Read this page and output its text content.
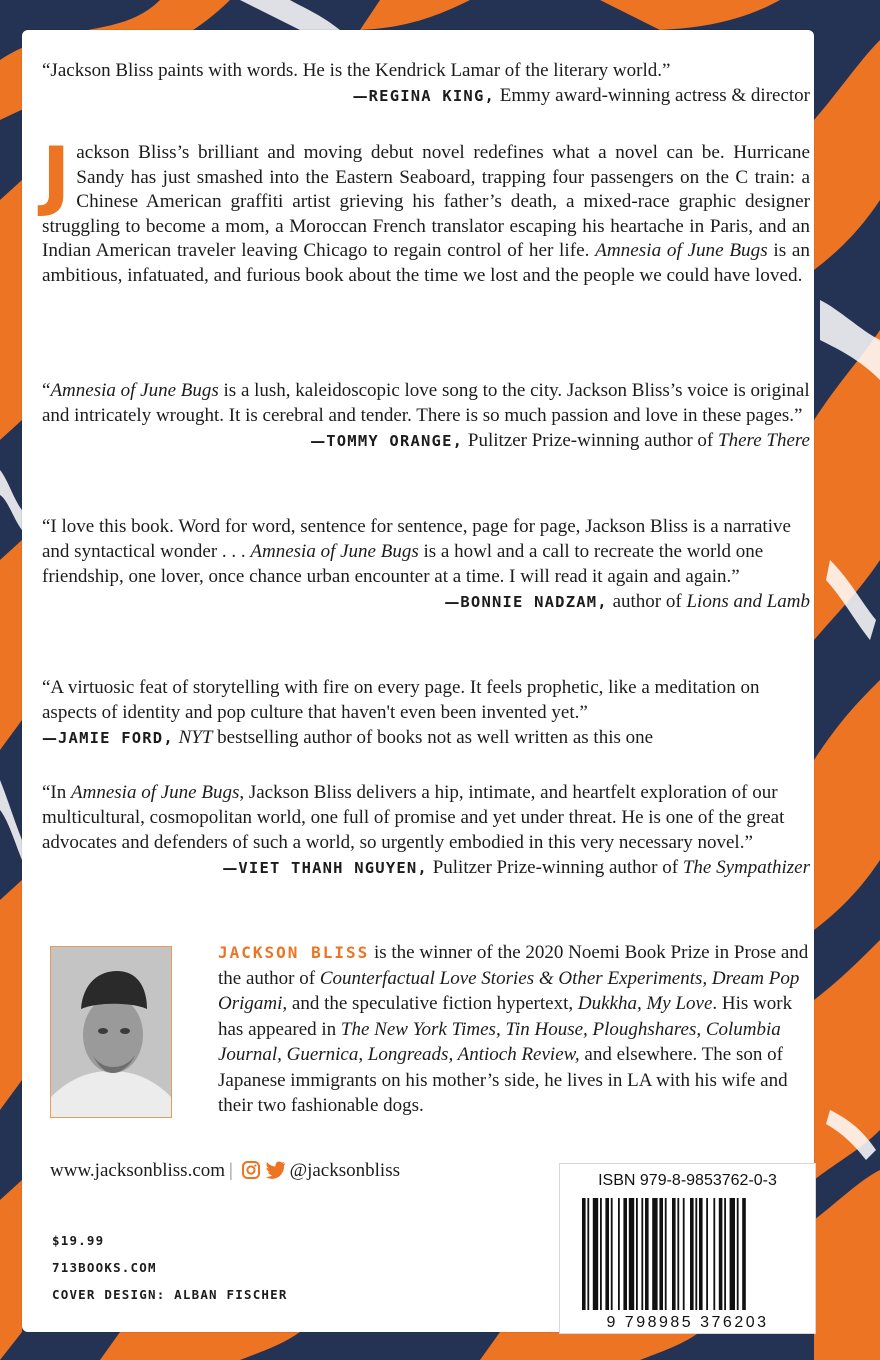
“Jackson Bliss paints with words. He is the Kendrick Lamar of the literary world.”
—REGINA KING, Emmy award-winning actress & director
Jackson Bliss’s brilliant and moving debut novel redefines what a novel can be. Hurricane Sandy has just smashed into the Eastern Seaboard, trapping four passengers on the C train: a Chinese American graffiti artist grieving his father’s death, a mixed-race graphic designer struggling to become a mom, a Moroccan French translator escaping his heartache in Paris, and an Indian American traveler leaving Chicago to regain control of her life. Amnesia of June Bugs is an ambitious, infatuated, and furious book about the time we lost and the people we could have loved.
“Amnesia of June Bugs is a lush, kaleidoscopic love song to the city. Jackson Bliss’s voice is original and intricately wrought. It is cerebral and tender. There is so much passion and love in these pages.”
—TOMMY ORANGE, Pulitzer Prize-winning author of There There
“I love this book. Word for word, sentence for sentence, page for page, Jackson Bliss is a narrative and syntactical wonder . . . Amnesia of June Bugs is a howl and a call to recreate the world one friendship, one lover, once chance urban encounter at a time. I will read it again and again.”
—BONNIE NADZAM, author of Lions and Lamb
“A virtuosic feat of storytelling with fire on every page. It feels prophetic, like a meditation on aspects of identity and pop culture that haven't even been invented yet.”
—JAMIE FORD, NYT bestselling author of books not as well written as this one
“In Amnesia of June Bugs, Jackson Bliss delivers a hip, intimate, and heartfelt exploration of our multicultural, cosmopolitan world, one full of promise and yet under threat. He is one of the great advocates and defenders of such a world, so urgently embodied in this very necessary novel.”
—VIET THANH NGUYEN, Pulitzer Prize-winning author of The Sympathizer
JACKSON BLISS is the winner of the 2020 Noemi Book Prize in Prose and the author of Counterfactual Love Stories & Other Experiments, Dream Pop Origami, and the speculative fiction hypertext, Dukkha, My Love. His work has appeared in The New York Times, Tin House, Ploughshares, Columbia Journal, Guernica, Longreads, Antioch Review, and elsewhere. The son of Japanese immigrants on his mother’s side, he lives in LA with his wife and their two fashionable dogs.
www.jacksonbliss.com |	@jacksonbliss
$19.99
713BOOKS.COM
COVER DESIGN: ALBAN FISCHER
ISBN 979-8-9853762-0-3
9 798985 376203
